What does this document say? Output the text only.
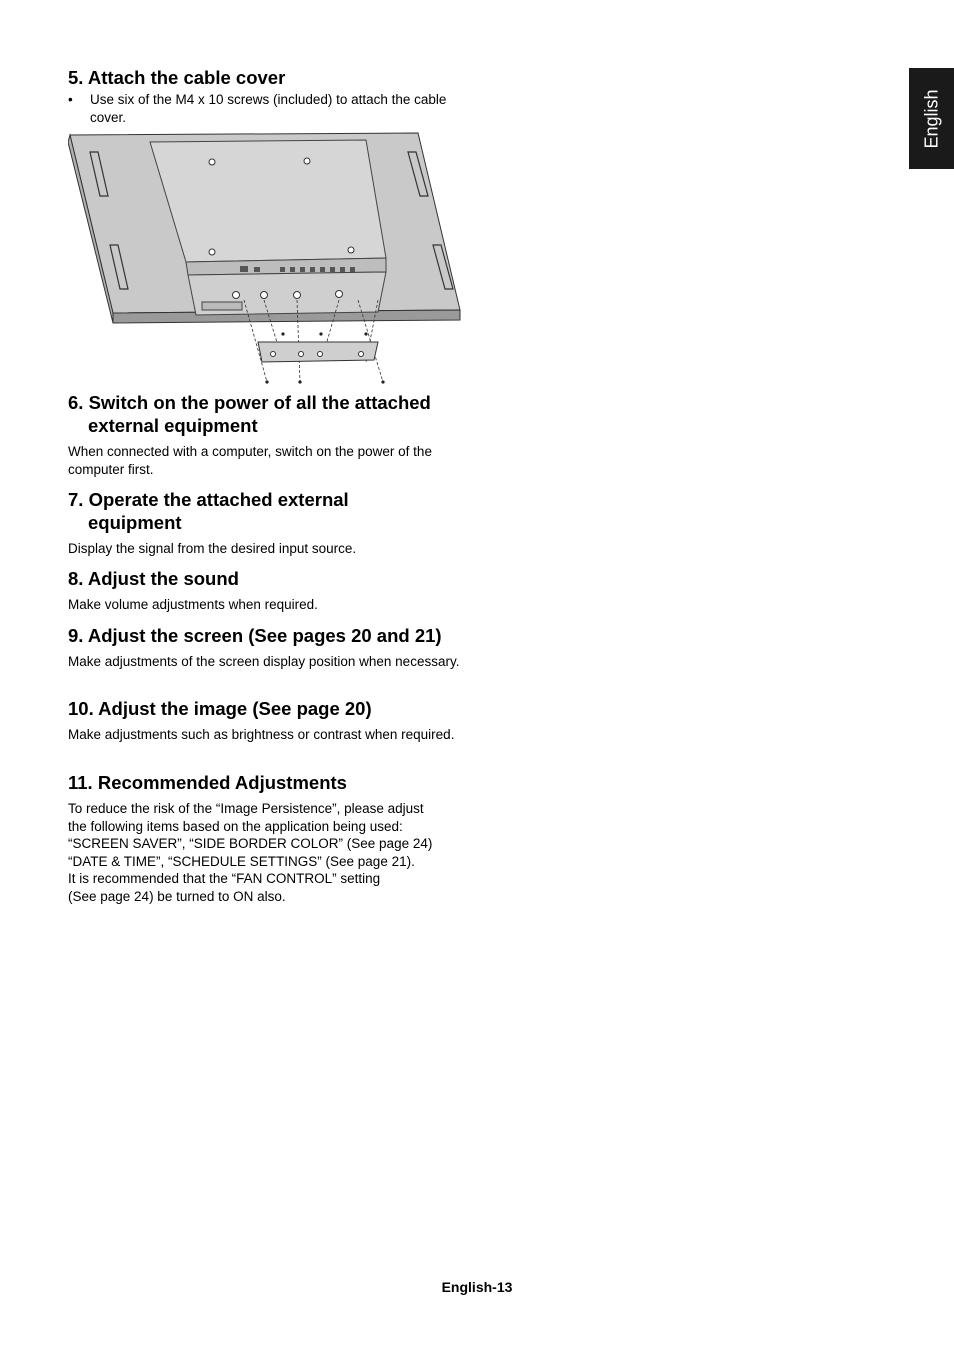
English
5. Attach the cable cover
• Use six of the M4 x 10 screws (included) to attach the cable cover.
6. Switch on the power of all the attached external equipment

When connected with a computer, switch on the power of the computer first.

7. Operate the attached external equipment

Display the signal from the desired input source.

8. Adjust the sound

Make volume adjustments when required.

9. Adjust the screen (See pages 20 and 21)

Make adjustments of the screen display position when necessary.

10. Adjust the image (See page 20)

Make adjustments such as brightness or contrast when required.

11. Recommended Adjustments

To reduce the risk of the “Image Persistence”, please adjust

the following items based on the application being used:

“SCREEN SAVER”, “SIDE BORDER COLOR” (See page 24)

“DATE & TIME”, “SCHEDULE SETTINGS” (See page 21).

It is recommended that the “FAN CONTROL” setting

(See page 24) be turned to ON also.

English-13
